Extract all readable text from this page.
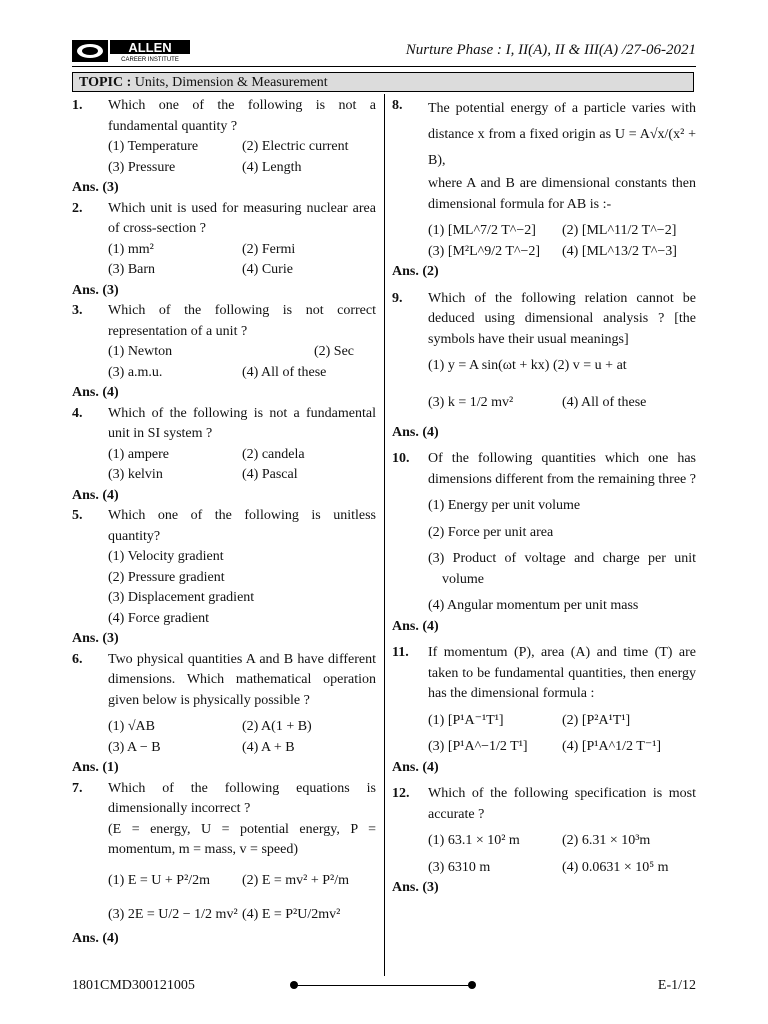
ALLEN
CAREER INSTITUTE
Nurture Phase : I, II(A), II & III(A) /27-06-2021
TOPIC : Units, Dimension & Measurement
1.	Which one of the following is not a fundamental quantity ?
(1) Temperature	(2) Electric current
(3) Pressure	(4) Length
Ans. (3)
2.	Which unit is used for measuring nuclear area of cross-section ?
(1) mm²	(2) Fermi
(3) Barn	(4) Curie
Ans. (3)
3.	Which of the following is not correct representation of a unit ?
(1) Newton	(2) Sec
(3) a.m.u.	(4) All of these
Ans. (4)
4.	Which of the following is not a fundamental unit in SI system ?
(1) ampere	(2) candela
(3) kelvin	(4) Pascal
Ans. (4)
5.	Which one of the following is unitless quantity?
(1) Velocity gradient
(2) Pressure gradient
(3) Displacement gradient
(4) Force gradient
Ans. (3)
6.	Two physical quantities A and B have different dimensions. Which mathematical operation given below is physically possible ?
(1) √AB	(2) A(1 + B)
(3) A − B	(4) A + B
Ans. (1)
7.	Which of the following equations is dimensionally incorrect ?
(E = energy, U = potential energy, P = momentum, m = mass, v = speed)
(1) E = U + P²/2m	(2) E = mv² + P²/m
(3) 2E = U/2 − 1/2 mv² (4) E = P²U/2mv²
Ans. (4)
8.	The potential energy of a particle varies with distance x from a fixed origin as U = A√x/(x² + B),
where A and B are dimensional constants then dimensional formula for AB is :-
(1) [ML^7/2 T^−2]	(2) [ML^11/2 T^−2]
(3) [M²L^9/2 T^−2]	(4) [ML^13/2 T^−3]
Ans. (2)
9.	Which of the following relation cannot be deduced using dimensional analysis ? [the symbols have their usual meanings]
(1) y = A sin(ωt + kx) (2) v = u + at
(3) k = 1/2 mv²	(4) All of these
Ans. (4)
10.	Of the following quantities which one has dimensions different from the remaining three ?
(1) Energy per unit volume
(2) Force per unit area
(3) Product of voltage and charge per unit volume
(4) Angular momentum per unit mass
Ans. (4)
11.	If momentum (P), area (A) and time (T) are taken to be fundamental quantities, then energy has the dimensional formula :
(1) [P¹A⁻¹T¹]	(2) [P²A¹T¹]
(3) [P¹A^−1/2 T¹]	(4) [P¹A^1/2 T⁻¹]
Ans. (4)
12.	Which of the following specification is most accurate ?
(1) 63.1 × 10² m	(2) 6.31 × 10³m
(3) 6310 m	(4) 0.0631 × 10⁵ m
Ans. (3)
1801CMD300121005	E-1/12
